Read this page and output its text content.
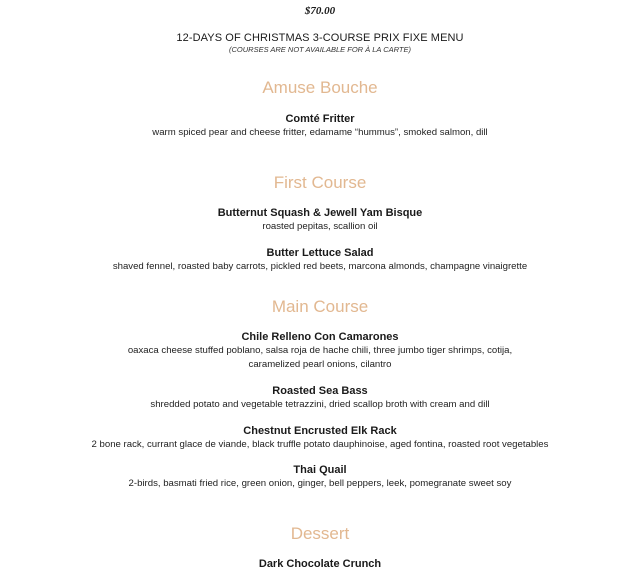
$70.00
12-DAYS OF CHRISTMAS 3-COURSE PRIX FIXE MENU
(COURSES ARE NOT AVAILABLE FOR À LA CARTE)
Amuse Bouche
Comté Fritter
warm spiced pear and cheese fritter, edamame “hummus”, smoked salmon, dill
First Course
Butternut Squash & Jewell Yam Bisque
roasted pepitas, scallion oil
Butter Lettuce Salad
shaved fennel, roasted baby carrots, pickled red beets, marcona almonds, champagne vinaigrette
Main Course
Chile Relleno Con Camarones
oaxaca cheese stuffed poblano, salsa roja de hache chili, three jumbo tiger shrimps, cotija,
caramelized pearl onions, cilantro
Roasted Sea Bass
shredded potato and vegetable tetrazzini, dried scallop broth with cream and dill
Chestnut Encrusted Elk Rack
2 bone rack, currant glace de viande, black truffle potato dauphinoise, aged fontina, roasted root vegetables
Thai Quail
2-birds, basmati fried rice, green onion, ginger, bell peppers, leek, pomegranate sweet soy
Dessert
Dark Chocolate Crunch
